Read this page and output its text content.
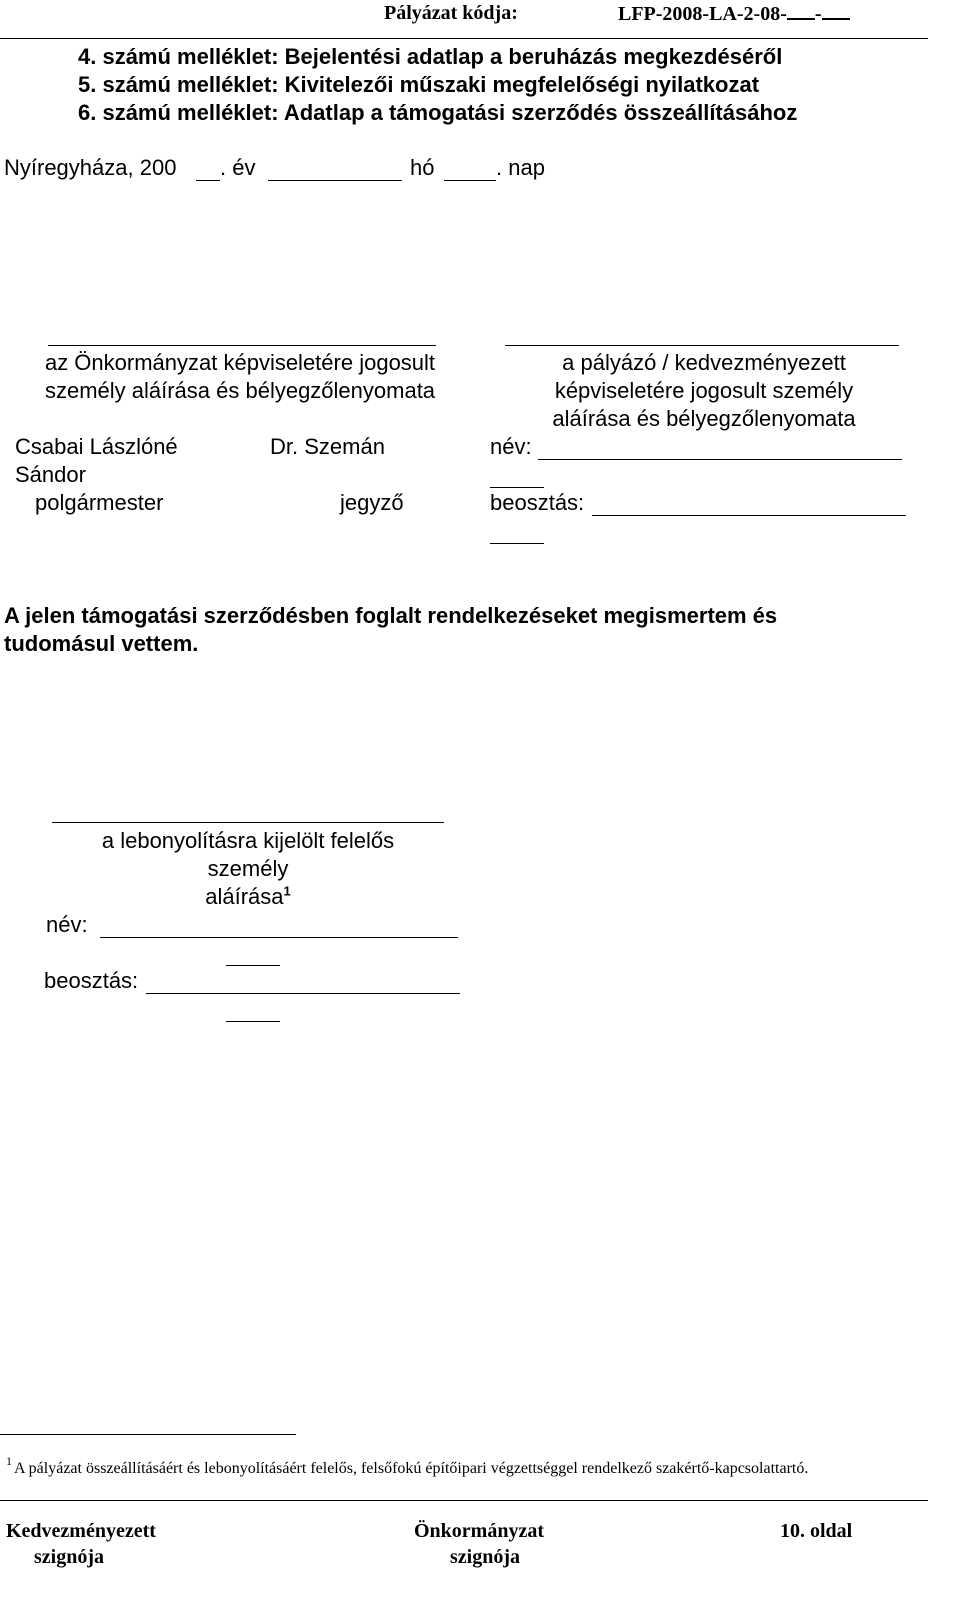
Pályázat kódja:	LFP-2008-LA-2-08- -
4. számú melléklet: Bejelentési adatlap a beruházás megkezdéséről
5. számú melléklet: Kivitelezői műszaki megfelelőségi nyilatkozat
6. számú melléklet: Adatlap a támogatási szerződés összeállításához
Nyíregyháza, 200 . év	hó	. nap
az Önkormányzat képviseletére jogosult
személy aláírása és bélyegzőlenyomata
Csabai Lászlóné	Dr. Szemán
Sándor
polgármester	jegyző
a pályázó / kedvezményezett
képviseletére jogosult személy
aláírása és bélyegzőlenyomata
név:
beosztás:
A jelen támogatási szerződésben foglalt rendelkezéseket megismertem és
tudomásul vettem.
a lebonyolításra kijelölt felelős
személy
aláírása$^1$
név:
beosztás:
1 A pályázat összeállításáért és lebonyolításáért felelős, felsőfokú építőipari végzettséggel rendelkező szakértő-kapcsolattartó.
Kedvezményezett
szignója
Önkormányzat
szignója
10. oldal
